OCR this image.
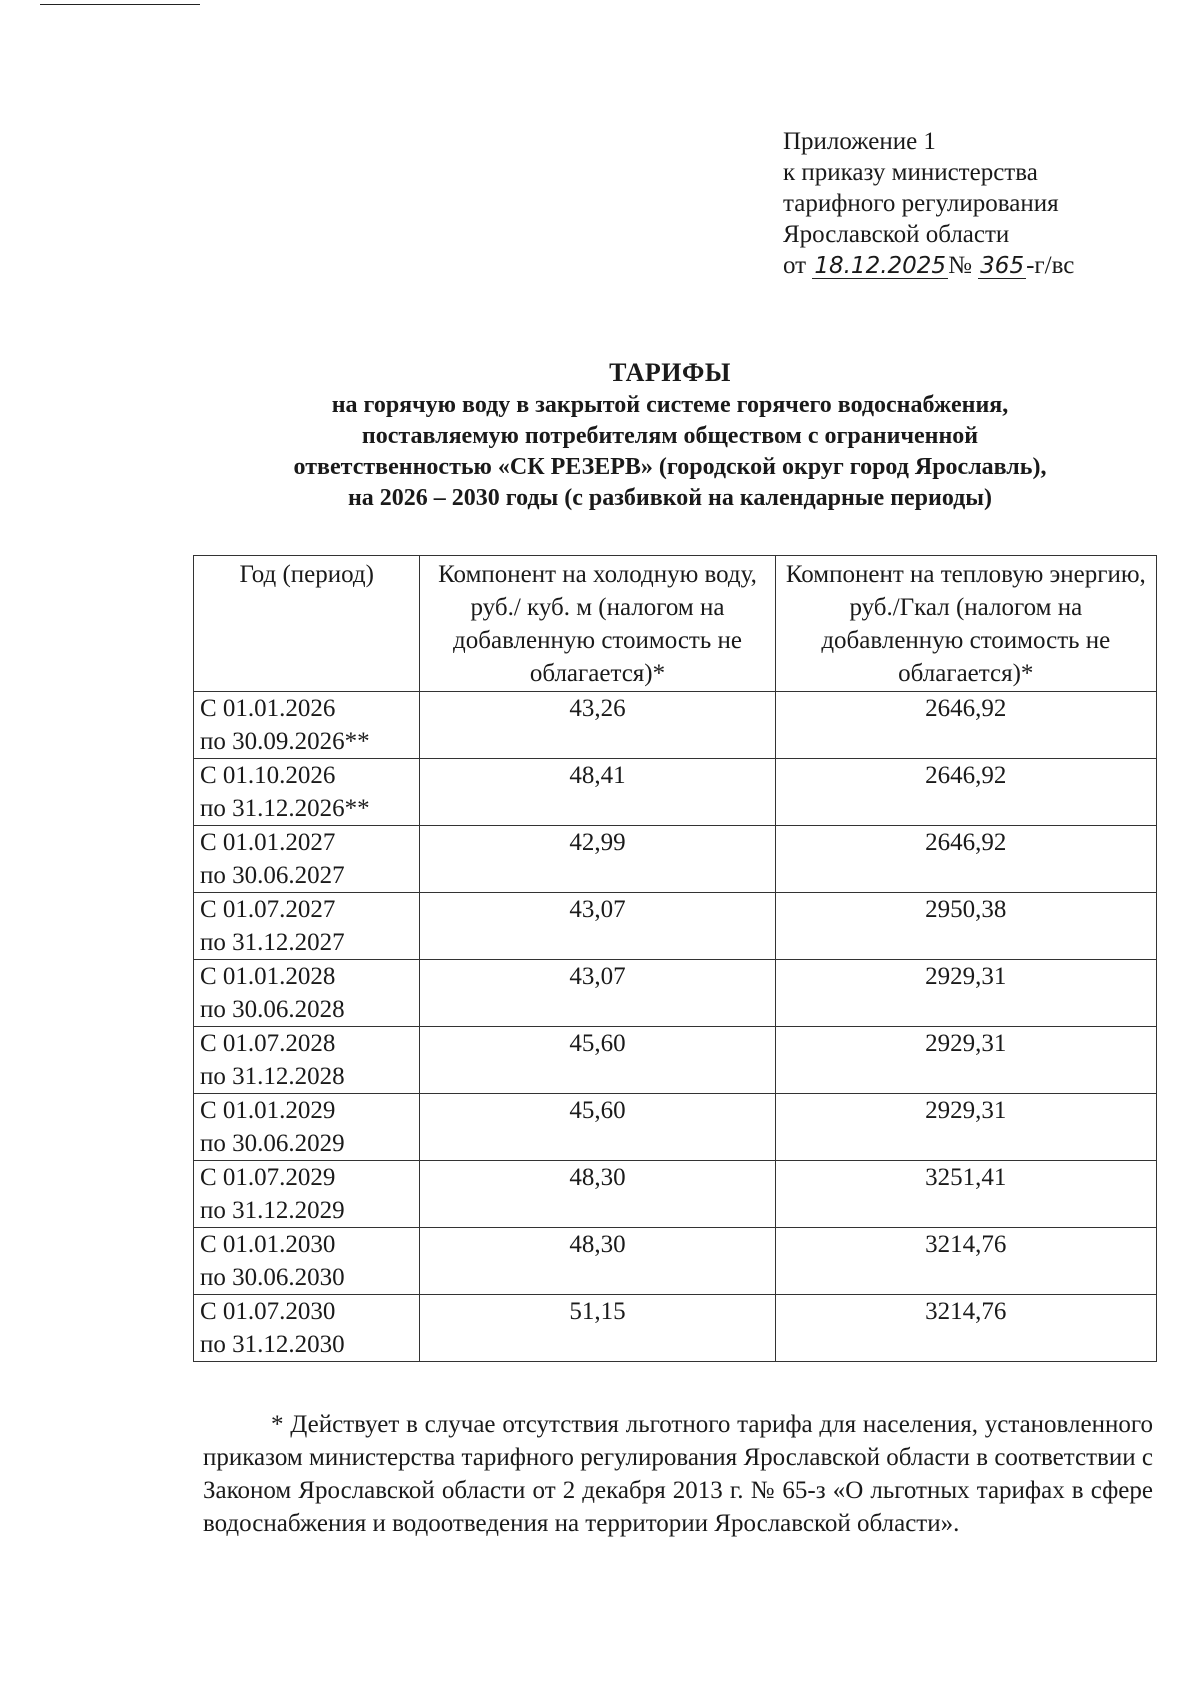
Приложение 1
к приказу министерства
тарифного регулирования
Ярославской области
от 18.12.2025№ 365-г/вс
ТАРИФЫ
на горячую воду в закрытой системе горячего водоснабжения,
поставляемую потребителям обществом с ограниченной
ответственностью «СК РЕЗЕРВ» (городской округ город Ярославль),
на 2026 – 2030 годы (с разбивкой на календарные периоды)
Год (период)	Компонент на холодную воду, руб./ куб. м (налогом на добавленную стоимость не облагается)*	Компонент на тепловую энергию, руб./Гкал (налогом на добавленную стоимость не облагается)*

С 01.01.2026
по 30.09.2026**	43,26	2646,92

С 01.10.2026
по 31.12.2026**	48,41	2646,92

С 01.01.2027
по 30.06.2027	42,99	2646,92

С 01.07.2027
по 31.12.2027	43,07	2950,38

С 01.01.2028
по 30.06.2028	43,07	2929,31

С 01.07.2028
по 31.12.2028	45,60	2929,31

С 01.01.2029
по 30.06.2029	45,60	2929,31

С 01.07.2029
по 31.12.2029	48,30	3251,41

С 01.01.2030
по 30.06.2030	48,30	3214,76

С 01.07.2030
по 31.12.2030	51,15	3214,76
* Действует в случае отсутствия льготного тарифа для населения, установленного приказом министерства тарифного регулирования Ярославской области в соответствии с Законом Ярославской области от 2 декабря 2013 г. № 65-з «О льготных тарифах в сфере водоснабжения и водоотведения на территории Ярославской области».
